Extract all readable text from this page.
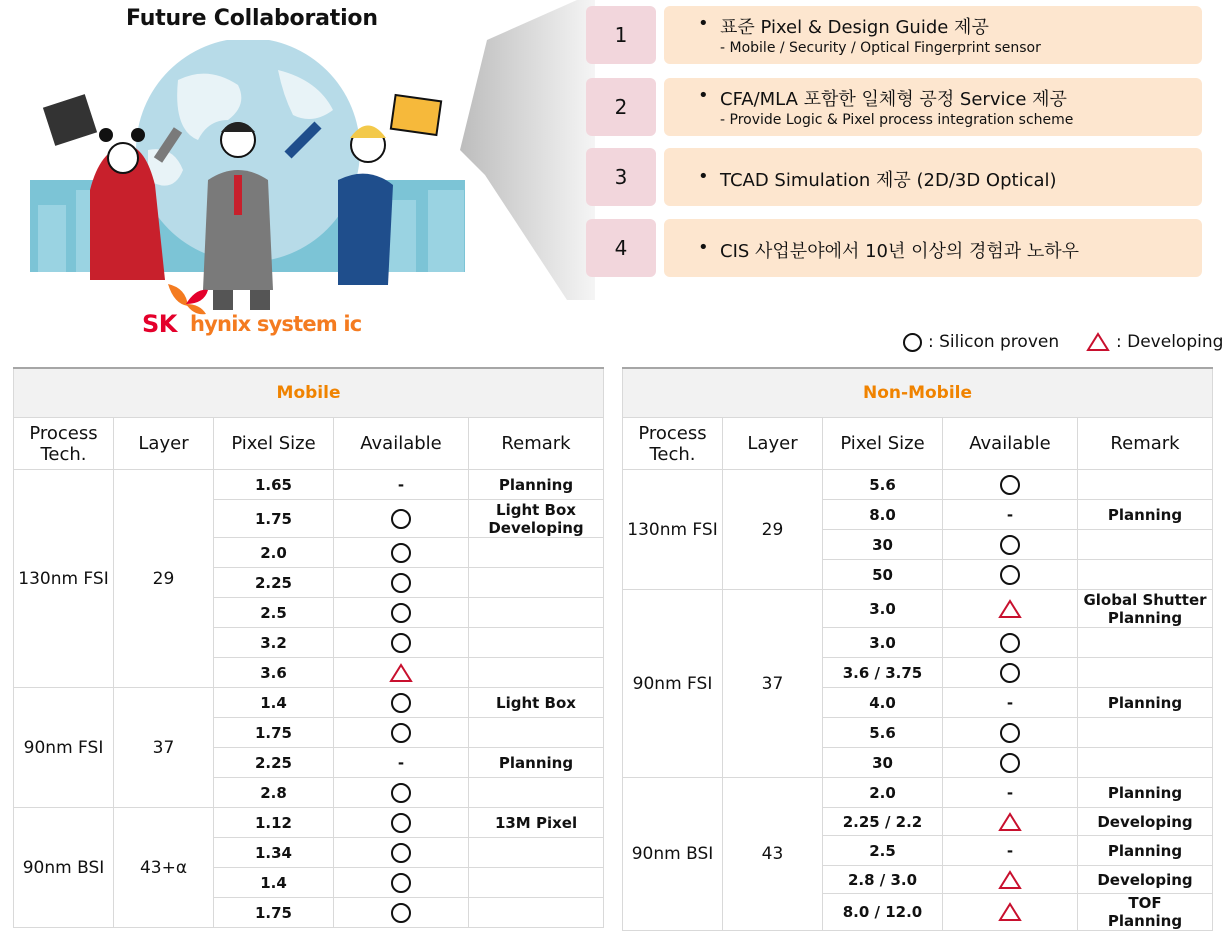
Future Collaboration
SK hynix system ic
1	• 표준 Pixel & Design Guide 제공
- Mobile / Security / Optical Fingerprint sensor
2	• CFA/MLA 포함한 일체형 공정 Service 제공
- Provide Logic & Pixel process integration scheme
3	• TCAD Simulation 제공 (2D/3D Optical)
4	• CIS 사업분야에서 10년 이상의 경험과 노하우
: Silicon proven	: Developing
Mobile				
Process
Tech.	Layer	Pixel Size	Available	Remark
130nm FSI	29	1.65	-	Planning
		1.75		Light Box
Developing
		2.0		
		2.25		
		2.5		
		3.2		
		3.6		
90nm FSI	37	1.4		Light Box
		1.75		
		2.25	-	Planning
		2.8		
90nm BSI	43+α	1.12		13M Pixel
		1.34		
		1.4		
		1.75		
Non-Mobile				
Process
Tech.	Layer	Pixel Size	Available	Remark
130nm FSI	29	5.6		
		8.0	-	Planning
		30		
		50		
90nm FSI	37	3.0		Global Shutter
Planning
		3.0		
		3.6 / 3.75		
		4.0	-	Planning
		5.6		
		30		
90nm BSI	43	2.0	-	Planning
		2.25 / 2.2		Developing
		2.5	-	Planning
		2.8 / 3.0		Developing
		8.0 / 12.0		TOF
Planning
